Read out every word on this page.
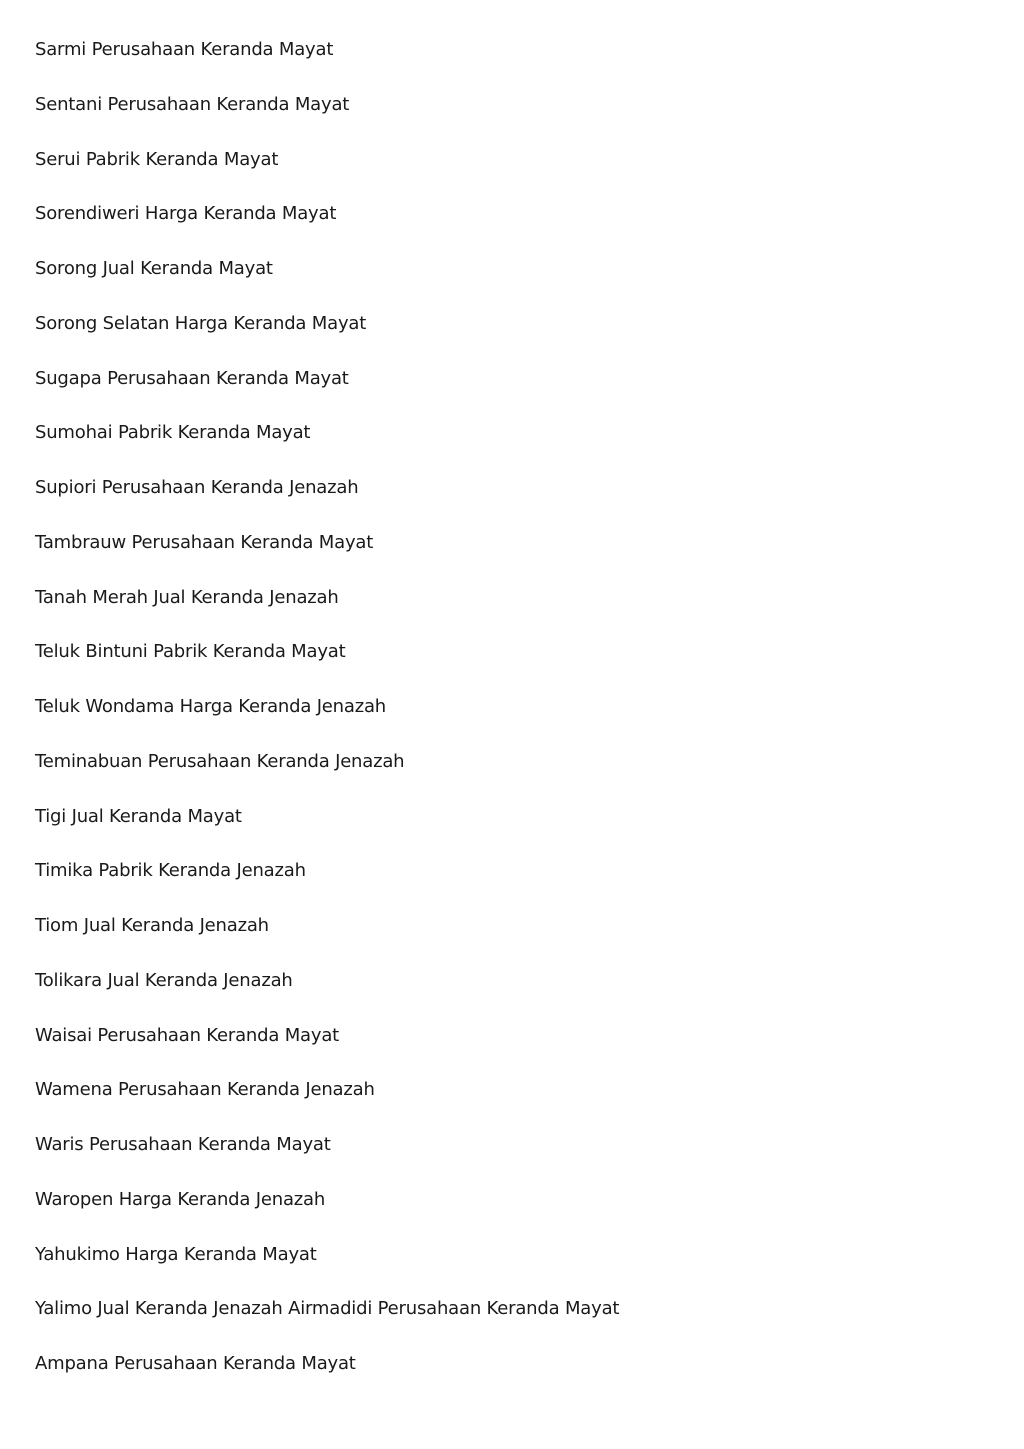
Sarmi Perusahaan Keranda Mayat
Sentani Perusahaan Keranda Mayat
Serui Pabrik Keranda Mayat
Sorendiweri Harga Keranda Mayat
Sorong Jual Keranda Mayat
Sorong Selatan Harga Keranda Mayat
Sugapa Perusahaan Keranda Mayat
Sumohai Pabrik Keranda Mayat
Supiori Perusahaan Keranda Jenazah
Tambrauw Perusahaan Keranda Mayat
Tanah Merah Jual Keranda Jenazah
Teluk Bintuni Pabrik Keranda Mayat
Teluk Wondama Harga Keranda Jenazah
Teminabuan Perusahaan Keranda Jenazah
Tigi Jual Keranda Mayat
Timika Pabrik Keranda Jenazah
Tiom Jual Keranda Jenazah
Tolikara Jual Keranda Jenazah
Waisai Perusahaan Keranda Mayat
Wamena Perusahaan Keranda Jenazah
Waris Perusahaan Keranda Mayat
Waropen Harga Keranda Jenazah
Yahukimo Harga Keranda Mayat
Yalimo Jual Keranda Jenazah Airmadidi Perusahaan Keranda Mayat
Ampana Perusahaan Keranda Mayat
